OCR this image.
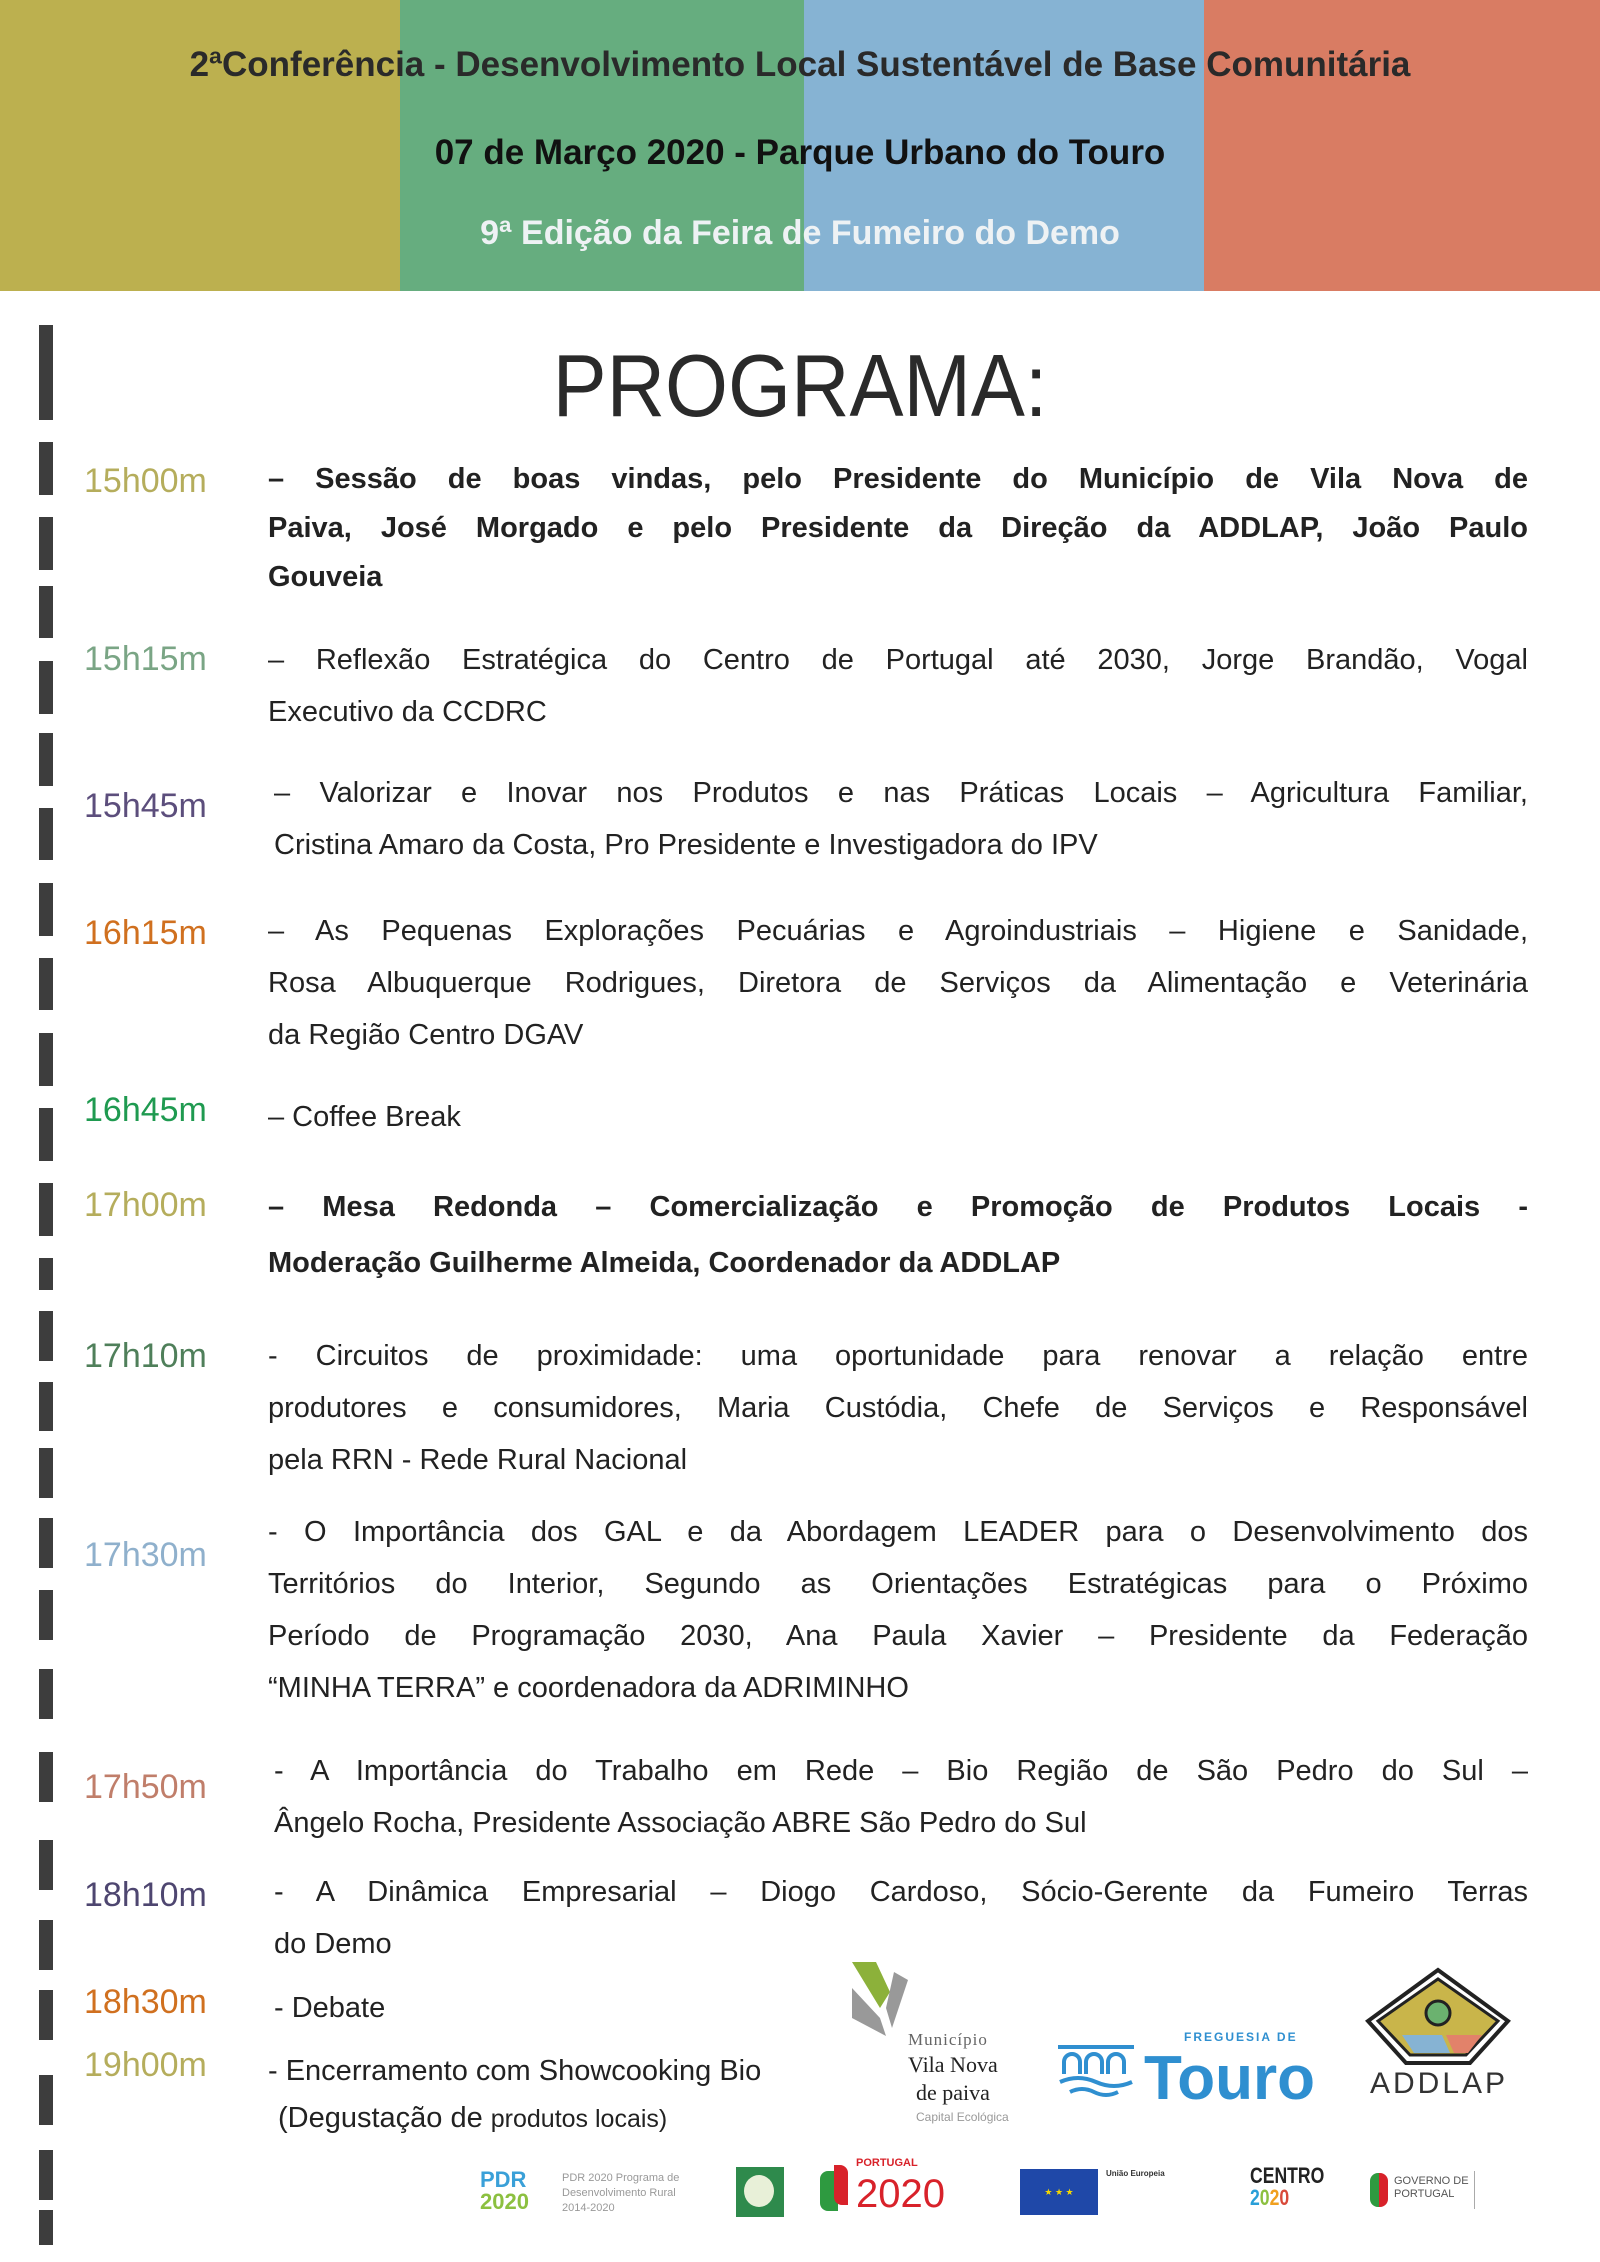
2ªConferência - Desenvolvimento Local Sustentável de Base Comunitária
07 de Março 2020 - Parque Urbano do Touro
9ª Edição da Feira de Fumeiro do Demo
PROGRAMA:
15h00m – Sessão de boas vindas, pelo Presidente do Município de Vila Nova de
Paiva, José Morgado e pelo Presidente da Direção da ADDLAP, João Paulo
Gouveia
15h15m – Reflexão Estratégica do Centro de Portugal até 2030, Jorge Brandão, Vogal
Executivo da CCDRC
15h45m – Valorizar e Inovar nos Produtos e nas Práticas Locais – Agricultura Familiar,
Cristina Amaro da Costa, Pro Presidente e Investigadora do IPV
16h15m – As Pequenas Explorações Pecuárias e Agroindustriais – Higiene e Sanidade,
Rosa Albuquerque Rodrigues, Diretora de Serviços da Alimentação e Veterinária
da Região Centro DGAV
16h45m – Coffee Break
17h00m – Mesa Redonda – Comercialização e Promoção de Produtos Locais -
Moderação Guilherme Almeida, Coordenador da ADDLAP
17h10m - Circuitos de proximidade: uma oportunidade para renovar a relação entre
produtores e consumidores, Maria Custódia, Chefe de Serviços e Responsável
pela RRN - Rede Rural Nacional
17h30m
- O Importância dos GAL e da Abordagem LEADER para o Desenvolvimento dos
Territórios do Interior, Segundo as Orientações Estratégicas para o Próximo
Período de Programação 2030, Ana Paula Xavier – Presidente da Federação
“MINHA TERRA” e coordenadora da ADRIMINHO
17h50m - A Importância do Trabalho em Rede – Bio Região de São Pedro do Sul –
Ângelo Rocha, Presidente Associação ABRE São Pedro do Sul
18h10m - A Dinâmica Empresarial – Diogo Cardoso, Sócio-Gerente da Fumeiro Terras
do Demo
18h30m - Debate
19h00m - Encerramento com Showcooking Bio
(Degustação de produtos locais)
Município
Vila Nova
de paiva
Capital Ecológica
FREGUESIA DE
Touro ADDLAP
PDR
2020
PDR 2020 Programa de Desenvolvimento Rural 2014-2020
PORTUGAL
2020	★ ★ ★
União Europeia	CENTRO
2020
GOVERNO DE
PORTUGAL
